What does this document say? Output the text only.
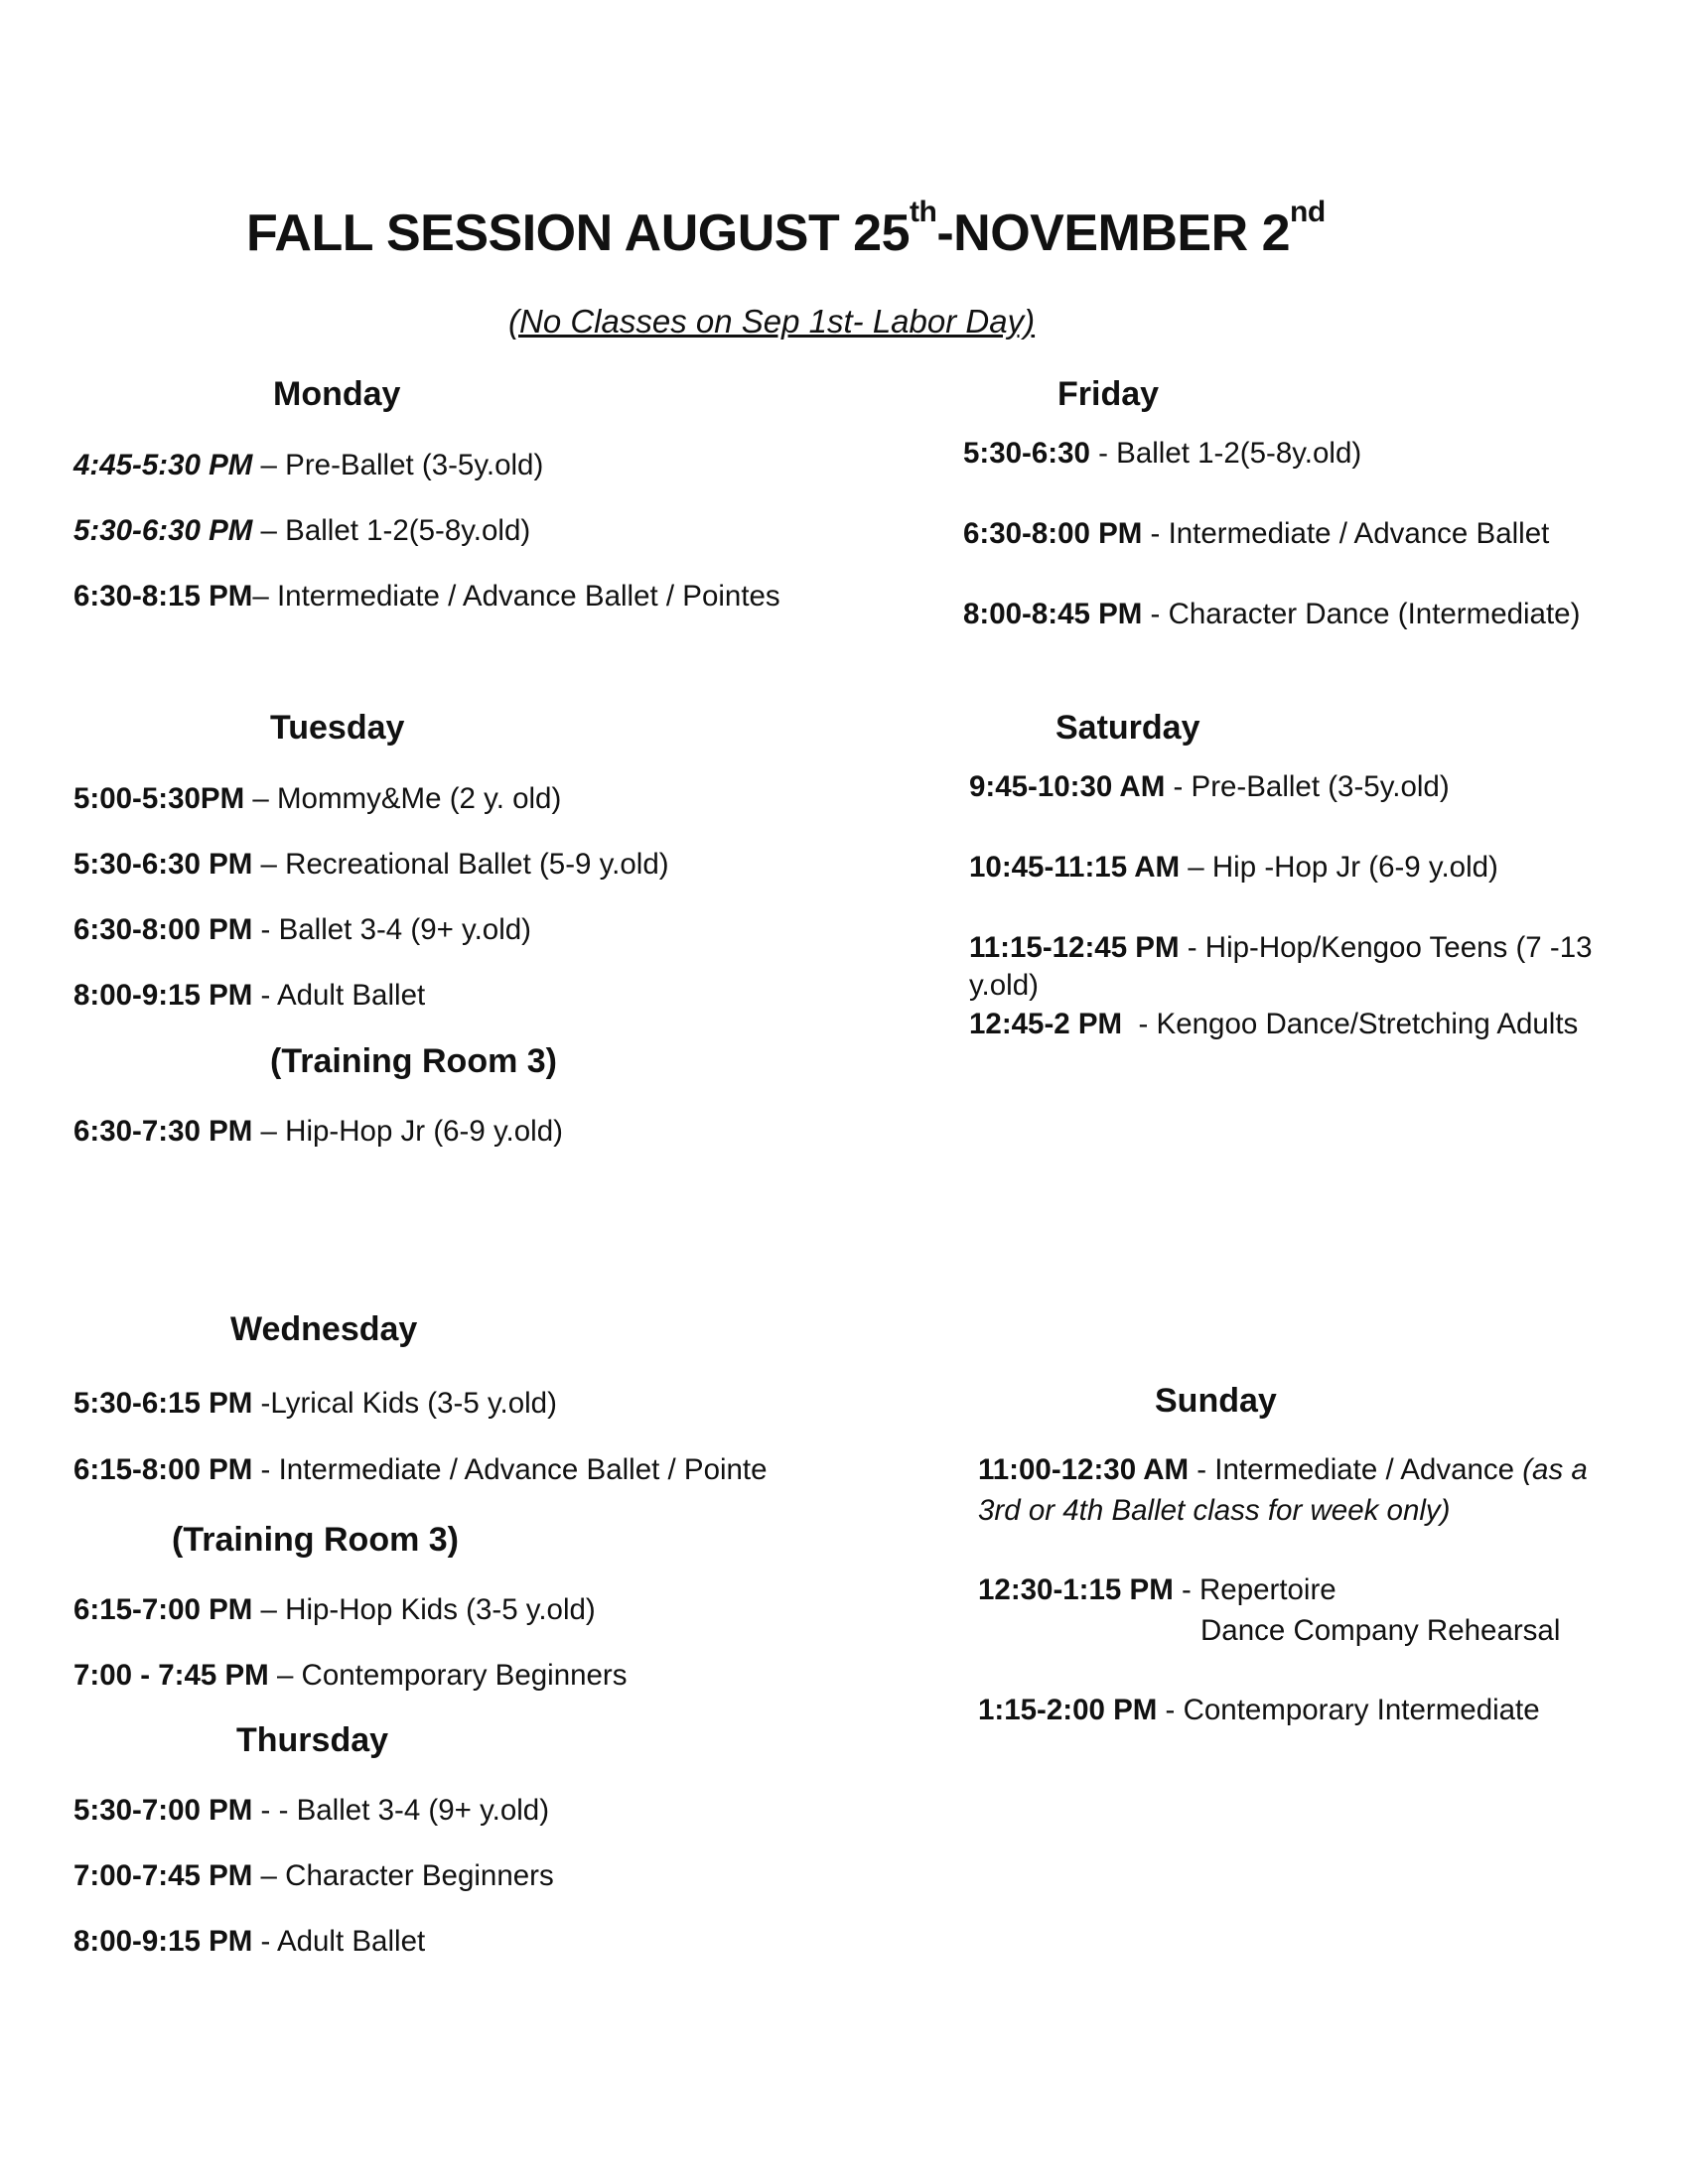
FALL SESSION AUGUST 25th-NOVEMBER 2nd
(No Classes on Sep 1st- Labor Day)
Monday
4:45-5:30 PM – Pre-Ballet (3-5y.old)
5:30-6:30 PM – Ballet 1-2(5-8y.old)
6:30-8:15 PM– Intermediate / Advance Ballet / Pointes
Tuesday
5:00-5:30PM – Mommy&Me (2 y. old)
5:30-6:30 PM – Recreational Ballet (5-9 y.old)
6:30-8:00 PM - Ballet 3-4 (9+ y.old)
8:00-9:15 PM - Adult Ballet
(Training Room 3)
6:30-7:30 PM – Hip-Hop Jr (6-9 y.old)
Wednesday
5:30-6:15 PM -Lyrical Kids (3-5 y.old)
6:15-8:00 PM - Intermediate / Advance Ballet / Pointe
(Training Room 3)
6:15-7:00 PM – Hip-Hop Kids (3-5 y.old)
7:00 - 7:45 PM – Contemporary Beginners
Thursday
5:30-7:00 PM - - Ballet 3-4 (9+ y.old)
7:00-7:45 PM – Character Beginners
8:00-9:15 PM - Adult Ballet
Friday
5:30-6:30 - Ballet 1-2(5-8y.old)
6:30-8:00 PM - Intermediate / Advance Ballet
8:00-8:45 PM - Character Dance (Intermediate)
Saturday
9:45-10:30 AM - Pre-Ballet (3-5y.old)
10:45-11:15 AM – Hip -Hop Jr (6-9 y.old)
11:15-12:45 PM - Hip-Hop/Kengoo Teens (7 -13
y.old)
12:45-2 PM  - Kengoo Dance/Stretching Adults
Sunday
11:00-12:30 AM - Intermediate / Advance (as a
3rd or 4th Ballet class for week only)
12:30-1:15 PM - Repertoire
Dance Company Rehearsal
1:15-2:00 PM - Contemporary Intermediate
